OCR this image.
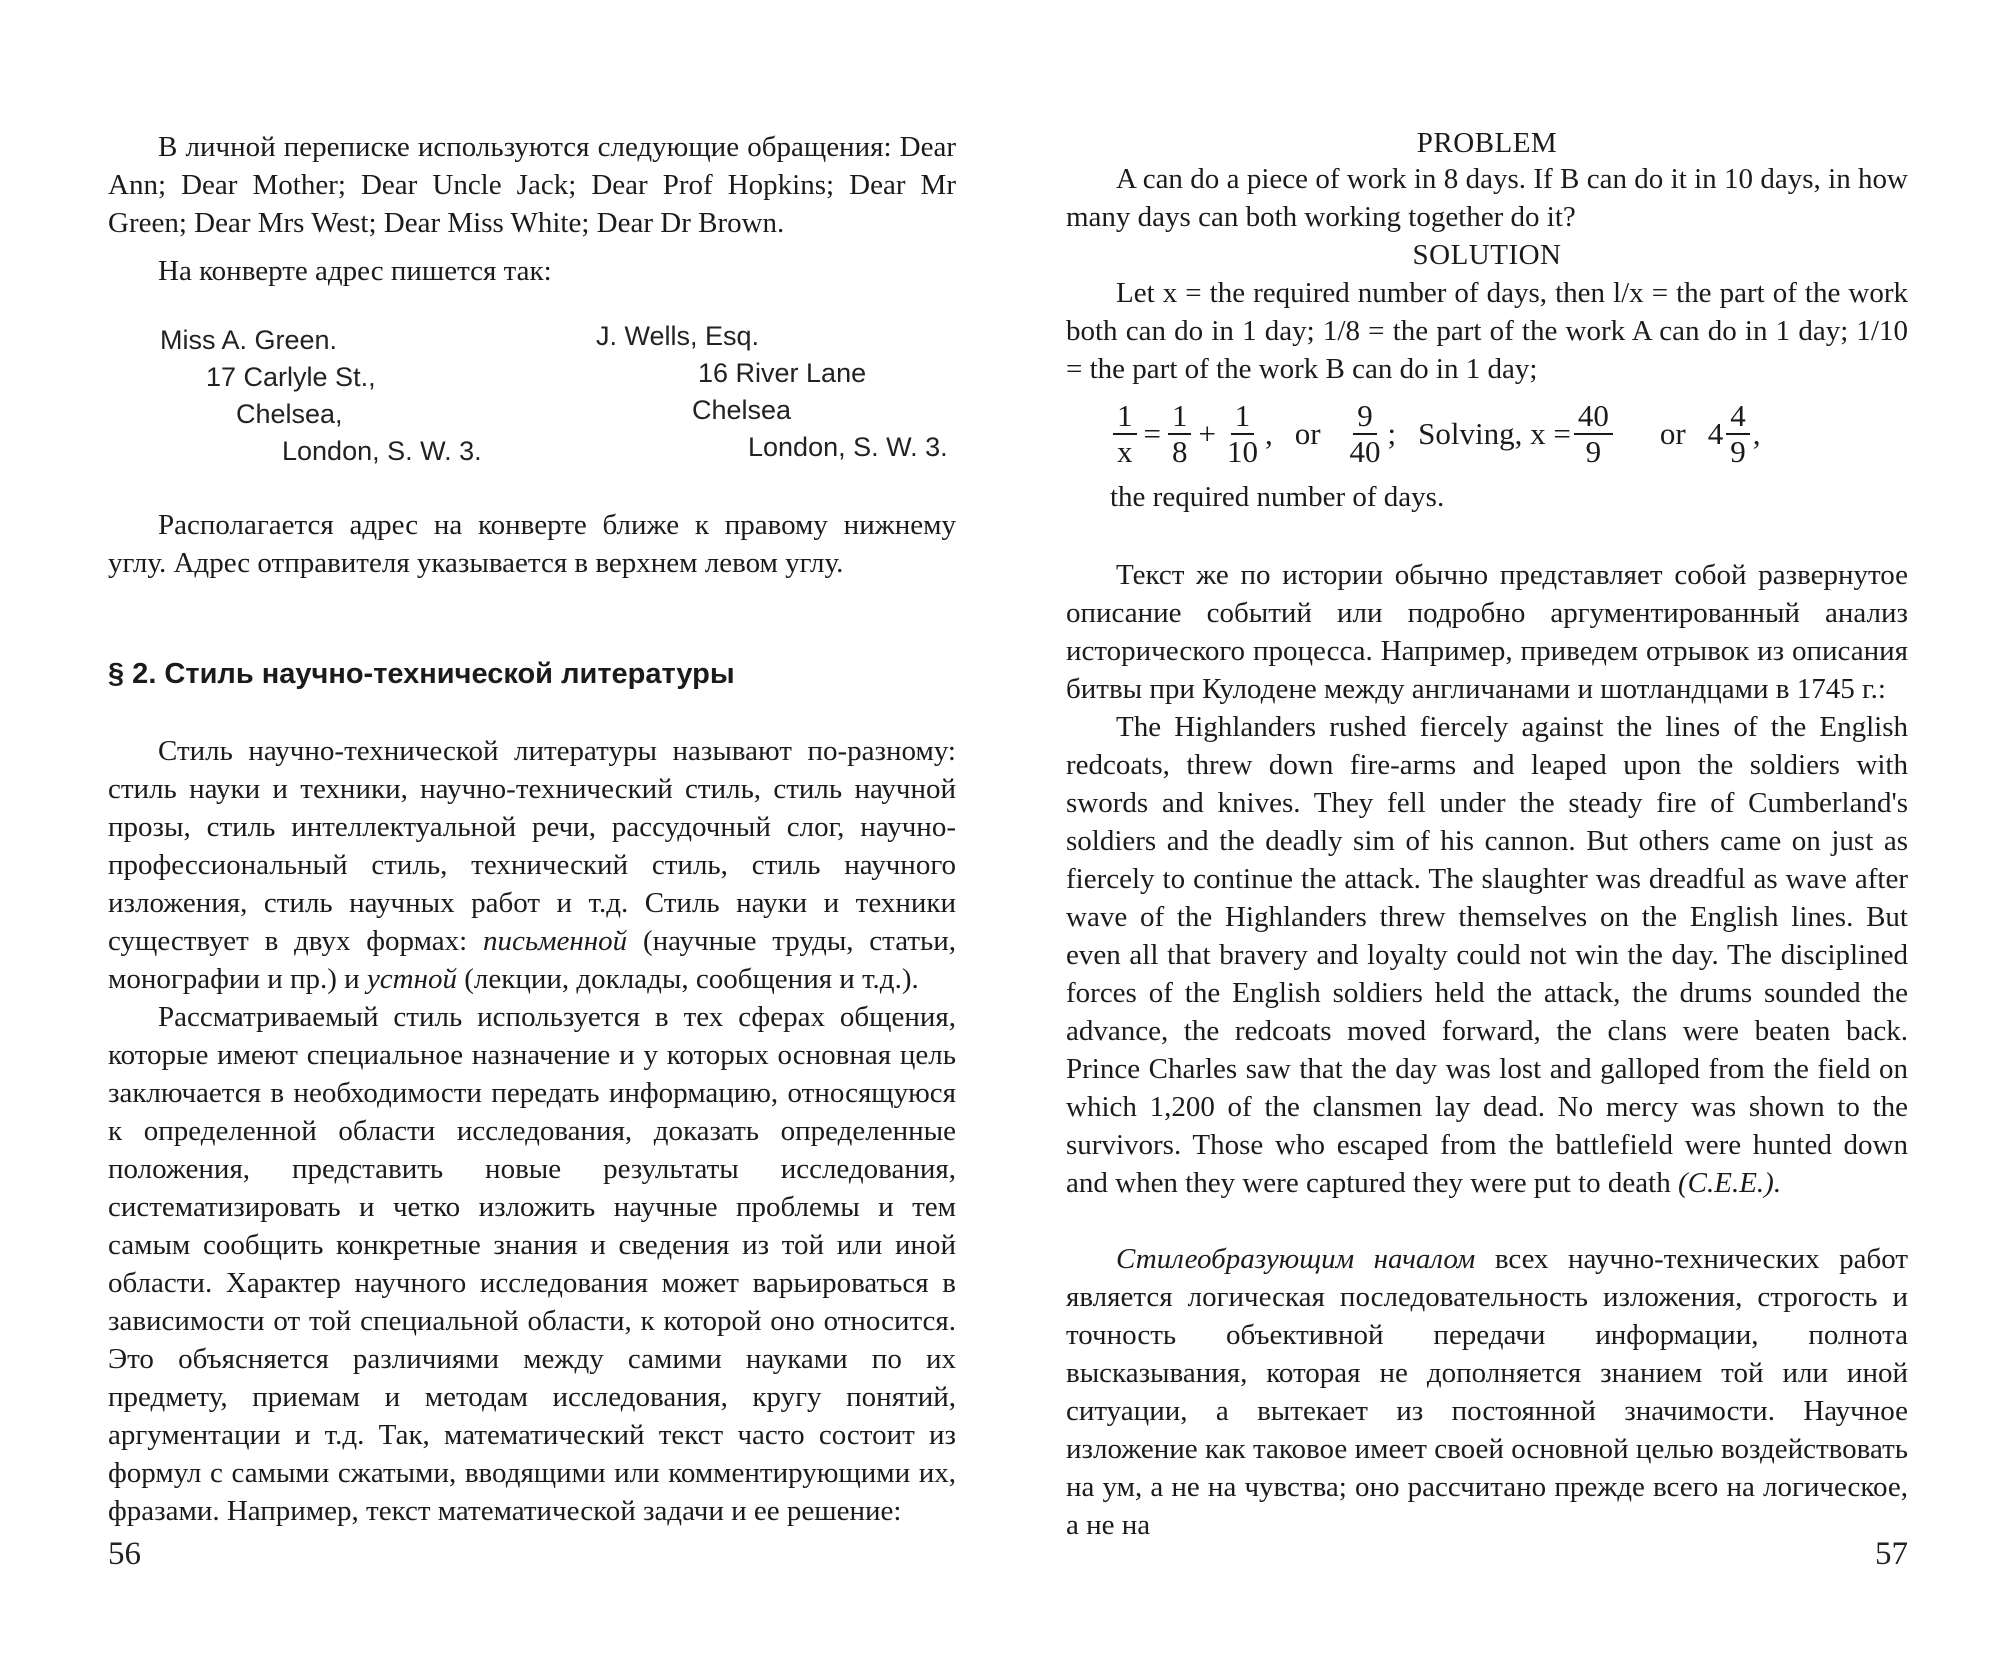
В личной переписке используются следующие обращения: Dear Ann; Dear Mother; Dear Uncle Jack; Dear Prof Hopkins; Dear Mr Green; Dear Mrs West; Dear Miss White; Dear Dr Brown.

На конверте адрес пишется так:

Miss A. Green.
17 Carlyle St.,
Chelsea,
London, S. W. 3.
J. Wells, Esq.
16 River Lane
Chelsea
London, S. W. 3.

Располагается адрес на конверте ближе к правому нижнему углу. Адрес отправителя указывается в верхнем левом углу.

§ 2. Стиль научно-технической литературы

Стиль научно-технической литературы называют по-разному: стиль науки и техники, научно-технический стиль, стиль научной прозы, стиль интеллектуальной речи, рассудочный слог, научно-профессиональный стиль, технический стиль, стиль научного изложения, стиль научных работ и т.д. Стиль науки и техники существует в двух формах: письменной (научные труды, статьи, монографии и пр.) и устной (лекции, доклады, сообщения и т.д.).

Рассматриваемый стиль используется в тех сферах общения, которые имеют специальное назначение и у которых основная цель заключается в необходимости передать информацию, относящуюся к определенной области исследования, доказать определенные положения, представить новые результаты исследования, систематизировать и четко изложить научные проблемы и тем самым сообщить конкретные знания и сведения из той или иной области. Характер научного исследования может варьироваться в зависимости от той специальной области, к которой оно относится. Это объясняется различиями между самими науками по их предмету, приемам и методам исследования, кругу понятий, аргументации и т.д. Так, математический текст часто состоит из формул с самыми сжатыми, вводящими или комментирующими их, фразами. Например, текст математической задачи и ее решение:

56
PROBLEM

A can do a piece of work in 8 days. If B can do it in 10 days, in how many days can both working together do it?

SOLUTION

Let x = the required number of days, then l/x = the part of the work both can do in 1 day; 1/8 = the part of the work A can do in 1 day; 1/10 = the part of the work B can do in 1 day;

$\frac{1}{x} = \frac{1}{8} + \frac{1}{10}$ , or $\frac{9}{40}$ ; Solving, $x = \frac{40}{9}$ or $4 \frac{4}{9}$ ,
the required number of days.

Текст же по истории обычно представляет собой развернутое описание событий или подробно аргументированный анализ исторического процесса. Например, приведем отрывок из описания битвы при Кулодене между англичанами и шотландцами в 1745 г.:

The Highlanders rushed fiercely against the lines of the English redcoats, threw down fire-arms and leaped upon the soldiers with swords and knives. They fell under the steady fire of Cumberland's soldiers and the deadly sim of his cannon. But others came on just as fiercely to continue the attack. The slaughter was dreadful as wave after wave of the Highlanders threw themselves on the English lines. But even all that bravery and loyalty could not win the day. The disciplined forces of the English soldiers held the attack, the drums sounded the advance, the redcoats moved forward, the clans were beaten back. Prince Charles saw that the day was lost and galloped from the field on which 1,200 of the clansmen lay dead. No mercy was shown to the survivors. Those who escaped from the battlefield were hunted down and when they were captured they were put to death (C.E.E.).

Стилеобразующим началом всех научно-технических работ является логическая последовательность изложения, строгость и точность объективной передачи информации, полнота высказывания, которая не дополняется знанием той или иной ситуации, а вытекает из постоянной значимости. Научное изложение как таковое имеет своей основной целью воздействовать на ум, а не на чувства; оно рассчитано прежде всего на логическое, а не на

57
